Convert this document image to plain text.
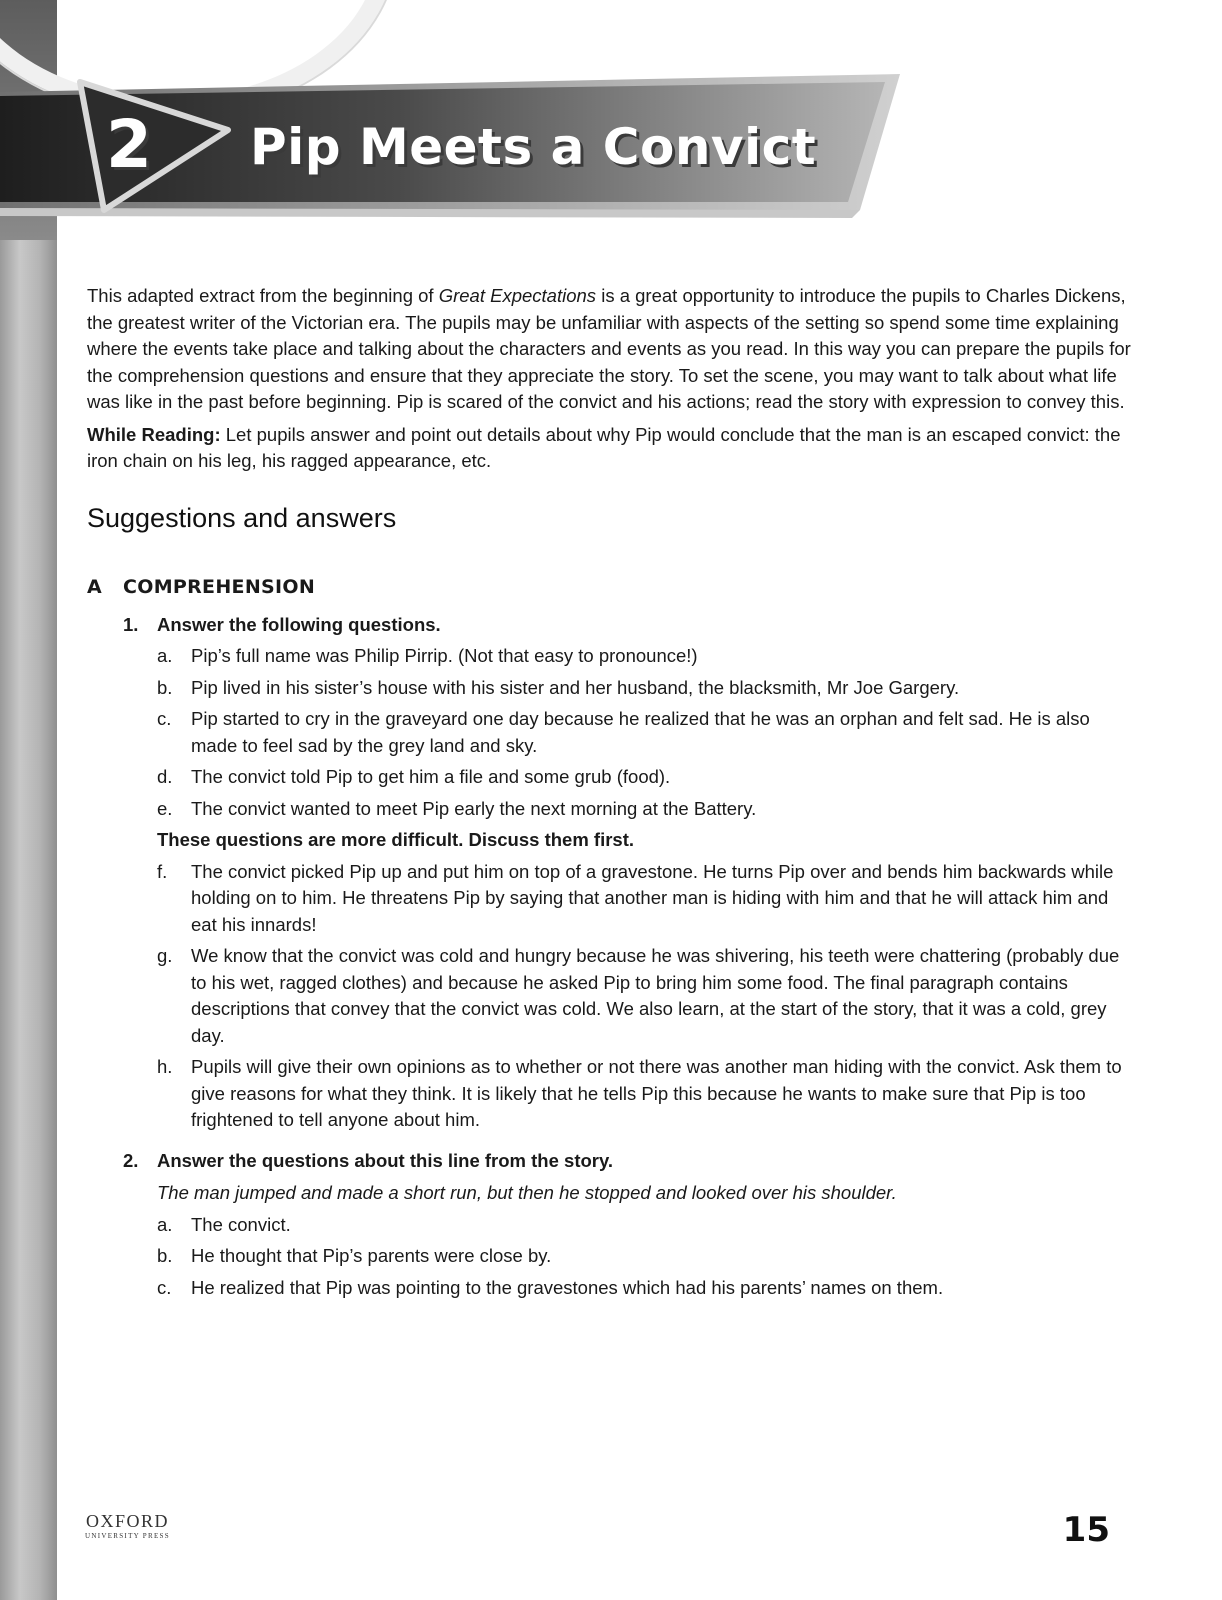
2	Pip Meets a Convict

This adapted extract from the beginning of Great Expectations is a great opportunity to introduce the pupils to Charles Dickens, the greatest writer of the Victorian era. The pupils may be unfamiliar with aspects of the setting so spend some time explaining where the events take place and talking about the characters and events as you read. In this way you can prepare the pupils for the comprehension questions and ensure that they appreciate the story. To set the scene, you may want to talk about what life was like in the past before beginning. Pip is scared of the convict and his actions; read the story with expression to convey this.

While Reading: Let pupils answer and point out details about why Pip would conclude that the man is an escaped convict: the iron chain on his leg, his ragged appearance, etc.

Suggestions and answers
A COMPREHENSION
1.	Answer the following questions.
a.	Pip’s full name was Philip Pirrip. (Not that easy to pronounce!)
b.	Pip lived in his sister’s house with his sister and her husband, the blacksmith, Mr Joe Gargery.
c.	Pip started to cry in the graveyard one day because he realized that he was an orphan and felt sad. He is also made to feel sad by the grey land and sky.
d.	The convict told Pip to get him a file and some grub (food).
e.	The convict wanted to meet Pip early the next morning at the Battery.
These questions are more difficult. Discuss them first.
f.	The convict picked Pip up and put him on top of a gravestone. He turns Pip over and bends him backwards while holding on to him. He threatens Pip by saying that another man is hiding with him and that he will attack him and eat his innards!
g.	We know that the convict was cold and hungry because he was shivering, his teeth were chattering (probably due to his wet, ragged clothes) and because he asked Pip to bring him some food. The final paragraph contains descriptions that convey that the convict was cold. We also learn, at the start of the story, that it was a cold, grey day.
h.	Pupils will give their own opinions as to whether or not there was another man hiding with the convict. Ask them to give reasons for what they think. It is likely that he tells Pip this because he wants to make sure that Pip is too frightened to tell anyone about him.
2.	Answer the questions about this line from the story.
The man jumped and made a short run, but then he stopped and looked over his shoulder.
a.	The convict.
b.	He thought that Pip’s parents were close by.
c.	He realized that Pip was pointing to the gravestones which had his parents’ names on them.
OXFORD
UNIVERSITY PRESS	15
